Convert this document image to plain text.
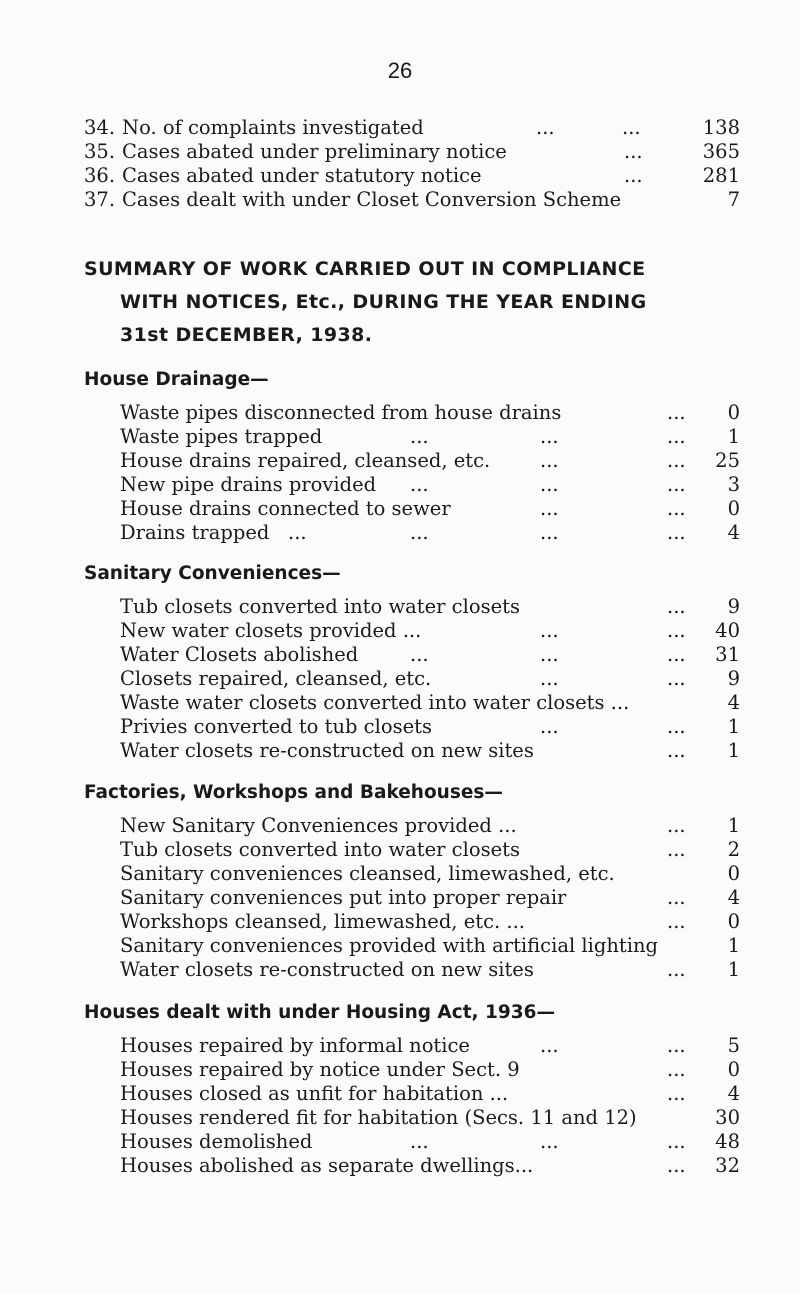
26
34. No. of complaints investigated	...	...	138
35. Cases abated under preliminary notice	...	365
36. Cases abated under statutory notice	...	281
37. Cases dealt with under Closet Conversion Scheme	7
SUMMARY OF WORK CARRIED OUT IN COMPLIANCE
WITH NOTICES, Etc., DURING THE YEAR ENDING
31st DECEMBER, 1938.
House Drainage—
Waste pipes disconnected from house drains	... 0
Waste pipes trapped	...	...	... 1
House drains repaired, cleansed, etc.	...	... 25
New pipe drains provided ...	...	... 3
House drains connected to sewer	...	... 0
Drains trapped ...	...	...	... 4
Sanitary Conveniences—
Tub closets converted into water closets	... 9
New water closets provided ...	...	... 40
Water Closets abolished	...	...	... 31
Closets repaired, cleansed, etc.	...	... 9
Waste water closets converted into water closets ...	4
Privies converted to tub closets	...	... 1
Water closets re-constructed on new sites	... 1
Factories, Workshops and Bakehouses—
New Sanitary Conveniences provided ...	... 1
Tub closets converted into water closets	... 2
Sanitary conveniences cleansed, limewashed, etc.	0
Sanitary conveniences put into proper repair	... 4
Workshops cleansed, limewashed, etc. ...	... 0
Sanitary conveniences provided with artificial lighting	1
Water closets re-constructed on new sites	... 1
Houses dealt with under Housing Act, 1936—
Houses repaired by informal notice	...	... 5
Houses repaired by notice under Sect. 9	... 0
Houses closed as unfit for habitation ...	... 4
Houses rendered fit for habitation (Secs. 11 and 12)	30
Houses demolished	...	...	... 48
Houses abolished as separate dwellings...	... 32
